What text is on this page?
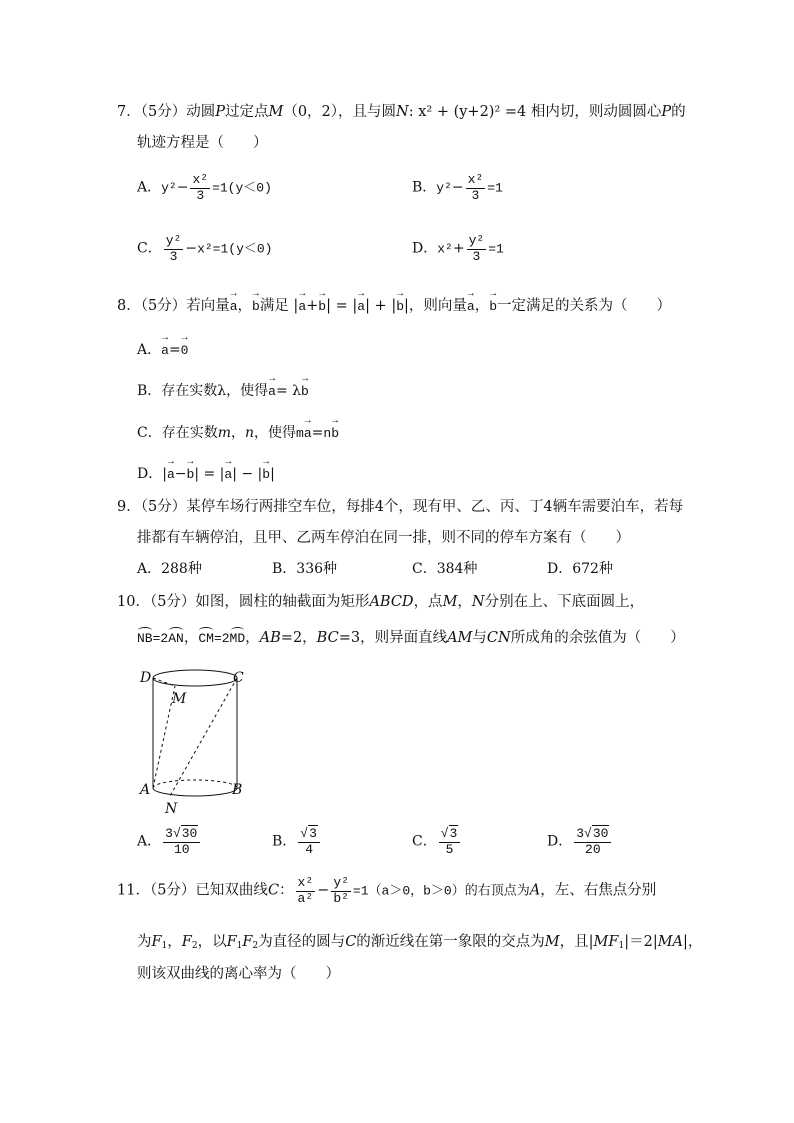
7．（5分）动圆P过定点M（0，2），且与圆N: x² + (y+2)² =4 相内切，则动圆圆心P的
轨迹方程是（　　）
A．$y^2- \frac{\text{x²}}{3} =1(y<0)$	B．$y^2- \frac{\text{x²}}{3} =1$
C． $\frac{\text{y²}}{3} -x^2=1(y<0)$	D．$x^2+ \frac{\text{y²}}{3} =1$
8．（5分）若向量→ a，→ b满足 |→ a+→ b| = |→ a| + |→ b|，则向量→ a，→ b一定满足的关系为（　　）
A．→ a=→ 0
B．存在实数λ，使得→ a= λ→ b
C．存在实数m，n，使得m→ a=n→ b
D．|→ a−→ b| = |→ a| − |→ b|
9．（5分）某停车场行两排空车位，每排4个，现有甲、乙、丙、丁4辆车需要泊车，若每
排都有车辆停泊，且甲、乙两车停泊在同一排，则不同的停车方案有（　　）
A．288种	B．336种	C．384种	D．672种
10．（5分）如图，圆柱的轴截面为矩形ABCD，点M，N分别在上、下底面圆上，
NB=2AN，CM=2MD，AB=2，BC=3，则异面直线AM与CN所成角的余弦值为（　　）
D	C
M
A	B
N
A． $\frac{3√30}{10}$	B． $\frac{√3}{4}$	C． $\frac{√3}{5}$	D． $\frac{3√30}{20}$
11．（5分）已知双曲线C： $\frac{\text{x²}}{\text{a²}} - \frac{\text{y²}}{\text{b²}} =1(a>0$，b＞0）的右顶点为A，左、右焦点分别
为$F_1$，$F_2$，以$F_1F_2$为直径的圆与C的渐近线在第一象限的交点为M，且$|MF_1|=2|MA|$，
则该双曲线的离心率为（　　）
